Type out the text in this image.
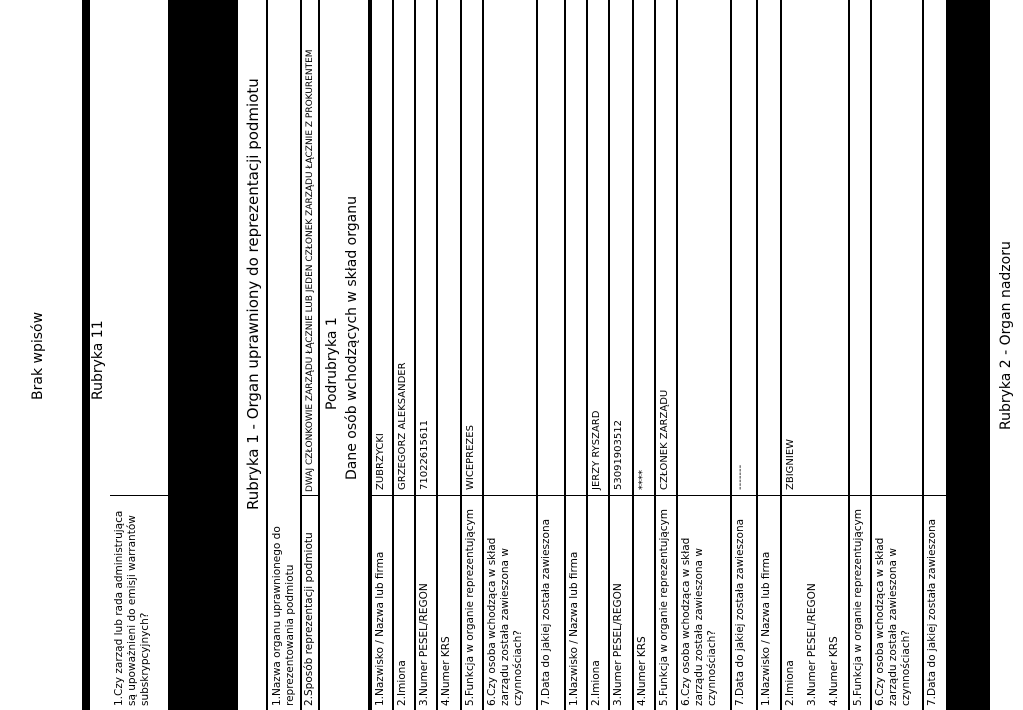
Brak wpisów	Rubryka 11
1.Czy zarząd lub rada administrująca są upoważnieni do emisji warrantów subskrypcyjnych?
Rubryka 1 - Organ uprawniony do reprezentacji podmiotu
1.Nazwa organu uprawnionego do reprezentowania podmiotu 2.Sposób reprezentacji podmiotu
DWAJ CZŁONKOWIE ZARZĄDU ŁĄCZNIE LUB JEDEN CZŁONEK ZARZĄDU ŁĄCZNIE Z PROKURENTEM Podrubryka 1 Dane osób wchodzących w skład organu
1.Nazwisko / Nazwa lub firma
ZUBRZYCKI
2.Imiona
GRZEGORZ ALEKSANDER
3.Numer PESEL/REGON
71022615611
4.Numer KRS 5.Funkcja w organie reprezentującym
WICEPREZES
6.Czy osoba wchodząca w skład zarządu została zawieszona w czynnościach? 7.Data do jakiej została zawieszona 1.Nazwisko / Nazwa lub firma 2.Imiona
JERZY RYSZARD
3.Numer PESEL/REGON
53091903512
4.Numer KRS
****
5.Funkcja w organie reprezentującym
CZŁONEK ZARZĄDU
6.Czy osoba wchodząca w skład zarządu została zawieszona w czynnościach? 7.Data do jakiej została zawieszona
-------
1.Nazwisko / Nazwa lub firma 2.Imiona
ZBIGNIEW
3.Numer PESEL/REGON 4.Numer KRS 5.Funkcja w organie reprezentującym 6.Czy osoba wchodząca w skład zarządu została zawieszona w czynnościach? 7.Data do jakiej została zawieszona
Rubryka 2 - Organ nadzoru
